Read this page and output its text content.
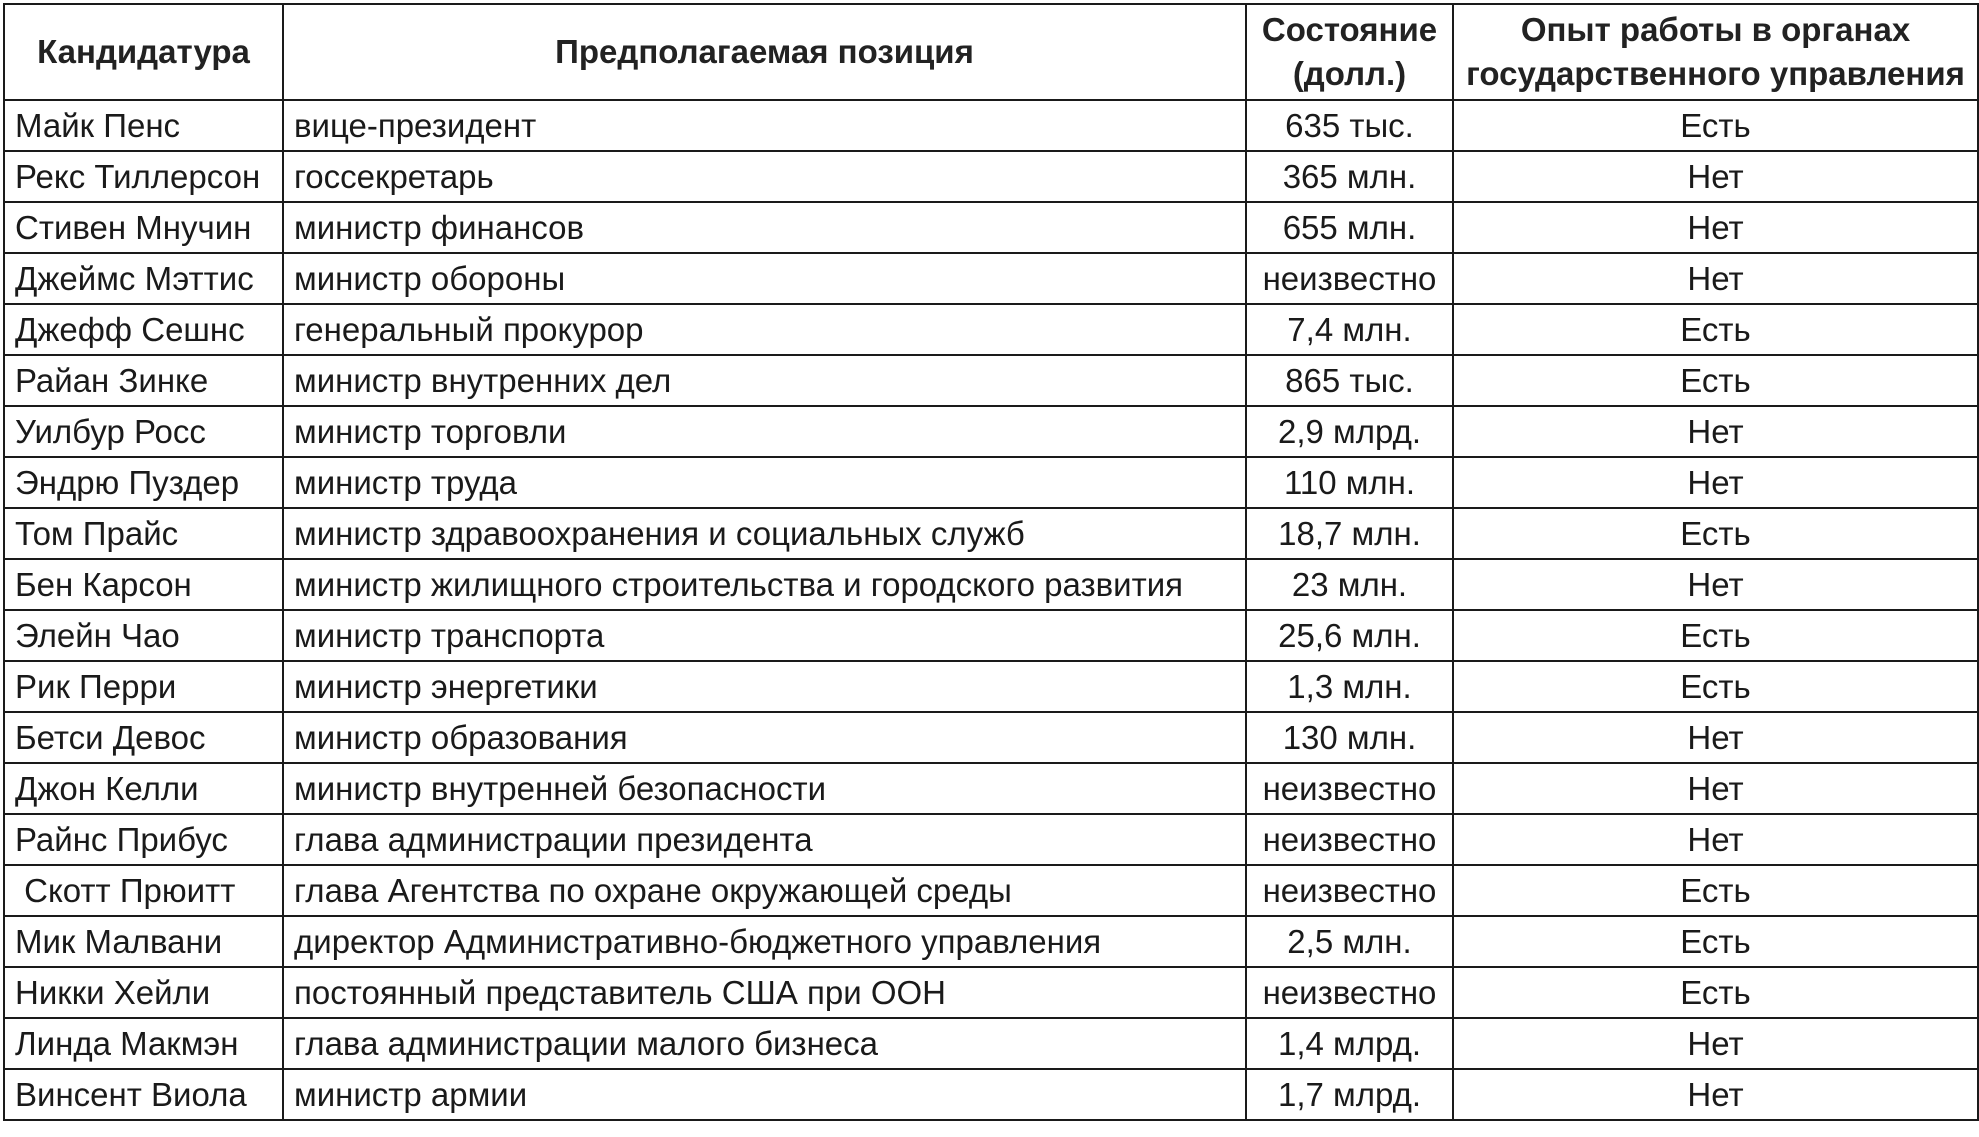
Кандидатура	Предполагаемая позиция	Состояние (долл.)	Опыт работы в органах государственного управления

Майк Пенс	вице-президент	635 тыс.	Есть
Рекс Тиллерсон	госсекретарь	365 млн.	Нет
Стивен Мнучин	министр финансов	655 млн.	Нет
Джеймс Мэттис	министр обороны	неизвестно	Нет
Джефф Сешнс	генеральный прокурор	7,4 млн.	Есть
Райан Зинке	министр внутренних дел	865 тыс.	Есть
Уилбур Росс	министр торговли	2,9 млрд.	Нет
Эндрю Пуздер	министр труда	110 млн.	Нет
Том Прайс	министр здравоохранения и социальных служб	18,7 млн.	Есть
Бен Карсон	министр жилищного строительства и городского развития	23 млн.	Нет
Элейн Чао	министр транспорта	25,6 млн.	Есть
Рик Перри	министр энергетики	1,3 млн.	Есть
Бетси Девос	министр образования	130 млн.	Нет
Джон Келли	министр внутренней безопасности	неизвестно	Нет
Райнс Прибус	глава администрации президента	неизвестно	Нет
Скотт Прюитт	глава Агентства по охране окружающей среды	неизвестно	Есть
Мик Малвани	директор Административно-бюджетного управления	2,5 млн.	Есть
Никки Хейли	постоянный представитель США при ООН	неизвестно	Есть
Линда Макмэн	глава администрации малого бизнеса	1,4 млрд.	Нет
Винсент Виола	министр армии	1,7 млрд.	Нет
